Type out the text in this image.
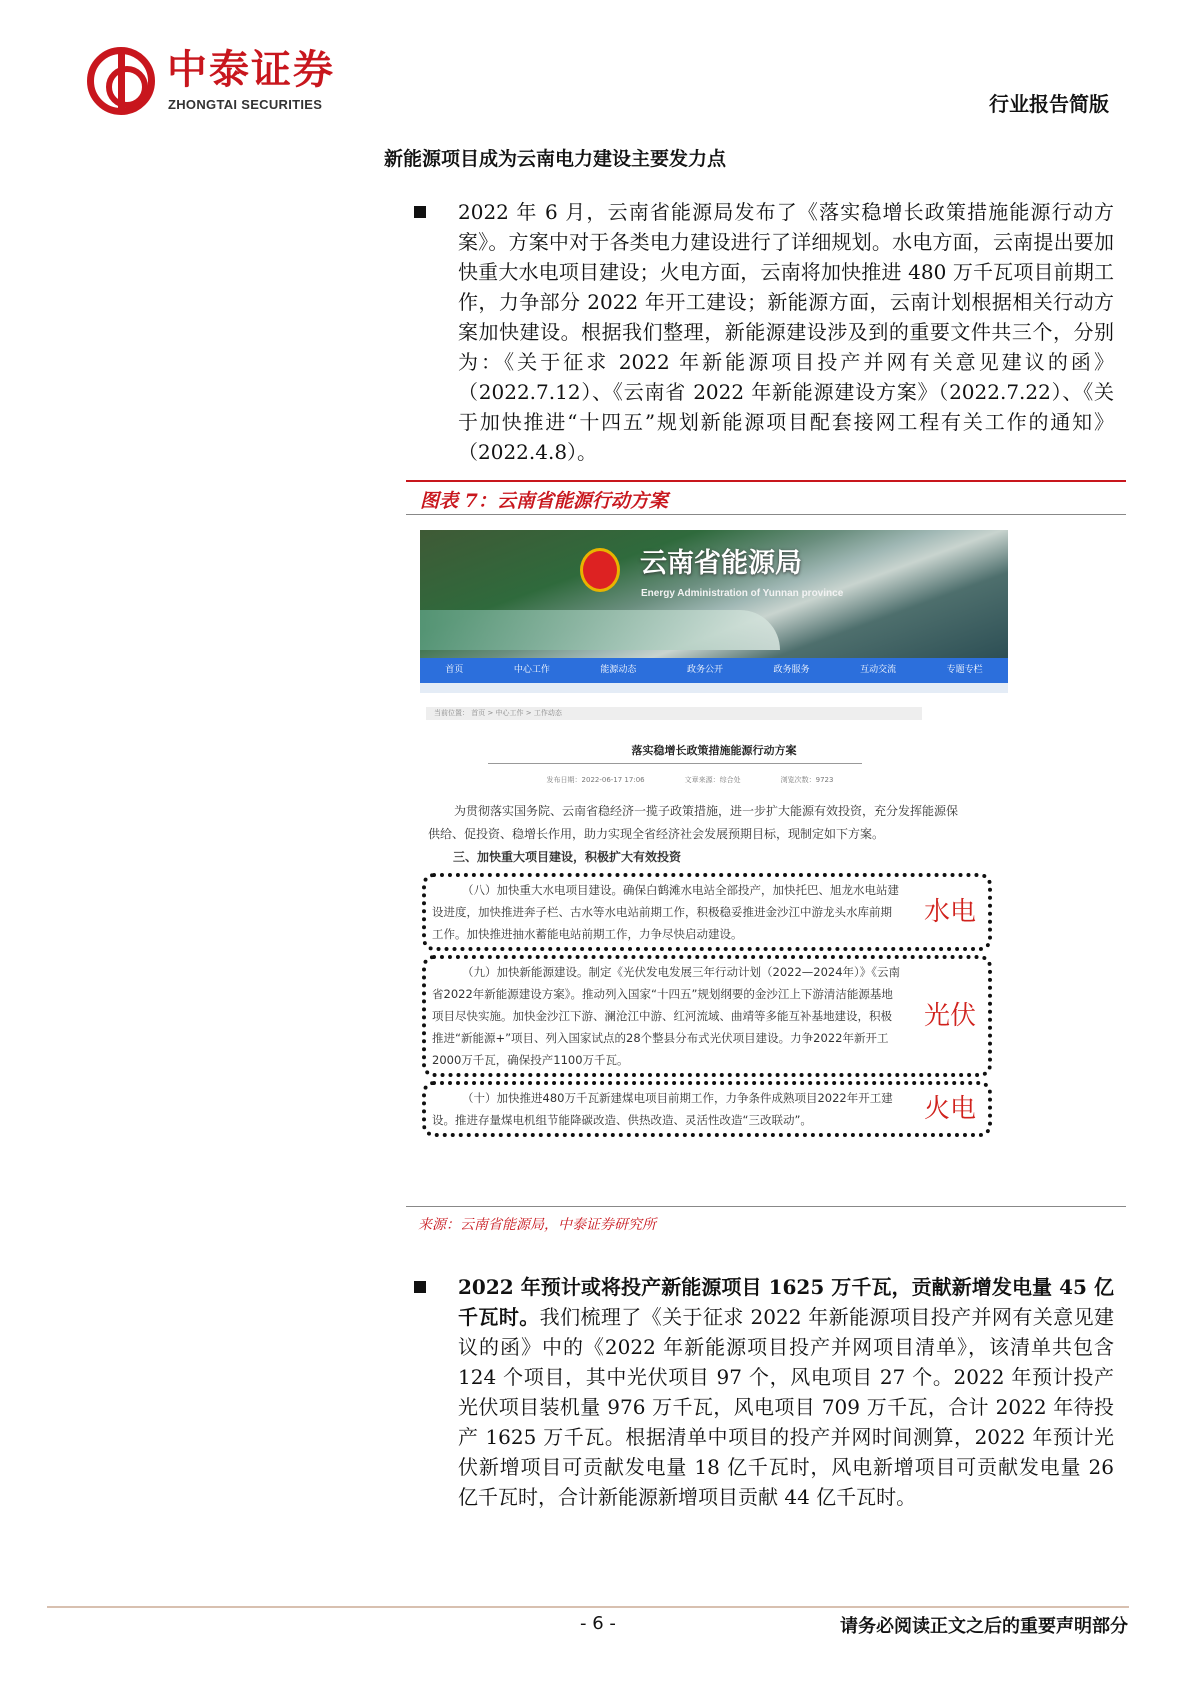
中泰证券
ZHONGTAI SECURITIES	行业报告简版
新能源项目成为云南电力建设主要发力点
2022 年 6 月，云南省能源局发布了《落实稳增长政策措施能源行动方案》。方案中对于各类电力建设进行了详细规划。水电方面，云南提出要加快重大水电项目建设；火电方面，云南将加快推进 480 万千瓦项目前期工作，力争部分 2022 年开工建设；新能源方面，云南计划根据相关行动方案加快建设。根据我们整理，新能源建设涉及到的重要文件共三个，分别为：《关于征求 2022 年新能源项目投产并网有关意见建议的函》（2022.7.12）、《云南省 2022 年新能源建设方案》（2022.7.22）、《关于加快推进“十四五”规划新能源项目配套接网工程有关工作的通知》（2022.4.8）。
图表 7：云南省能源行动方案
云南省能源局
Energy Administration of Yunnan province
首页	中心工作	能源动态	政务公开	政务服务	互动交流	专题专栏
当前位置： 首页 > 中心工作 > 工作动态
落实稳增长政策措施能源行动方案
发布日期：2022-06-17 17:06	文章来源：综合处	浏览次数：9723
为贯彻落实国务院、云南省稳经济一揽子政策措施，进一步扩大能源有效投资，充分发挥能源保供给、促投资、稳增长作用，助力实现全省经济社会发展预期目标，现制定如下方案。
三、加快重大项目建设，积极扩大有效投资
（八）加快重大水电项目建设。确保白鹤滩水电站全部投产，加快托巴、旭龙水电站建设进度，加快推进奔子栏、古水等水电站前期工作，积极稳妥推进金沙江中游龙头水库前期工作。加快推进抽水蓄能电站前期工作，力争尽快启动建设。
水电
（九）加快新能源建设。制定《光伏发电发展三年行动计划（2022—2024年）》《云南省2022年新能源建设方案》。推动列入国家“十四五”规划纲要的金沙江上下游清洁能源基地项目尽快实施。加快金沙江下游、澜沧江中游、红河流域、曲靖等多能互补基地建设，积极推进“新能源+”项目、列入国家试点的28个整县分布式光伏项目建设。力争2022年新开工2000万千瓦，确保投产1100万千瓦。
光伏
（十）加快推进480万千瓦新建煤电项目前期工作，力争条件成熟项目2022年开工建设。推进存量煤电机组节能降碳改造、供热改造、灵活性改造“三改联动”。	火电
来源：云南省能源局，中泰证券研究所
2022 年预计或将投产新能源项目 1625 万千瓦，贡献新增发电量 45 亿千瓦时。我们梳理了《关于征求 2022 年新能源项目投产并网有关意见建议的函》中的《2022 年新能源项目投产并网项目清单》，该清单共包含 124 个项目，其中光伏项目 97 个，风电项目 27 个。2022 年预计投产光伏项目装机量 976 万千瓦，风电项目 709 万千瓦，合计 2022 年待投产 1625 万千瓦。根据清单中项目的投产并网时间测算，2022 年预计光伏新增项目可贡献发电量 18 亿千瓦时，风电新增项目可贡献发电量 26 亿千瓦时，合计新能源新增项目贡献 44 亿千瓦时。
- 6 -	请务必阅读正文之后的重要声明部分
